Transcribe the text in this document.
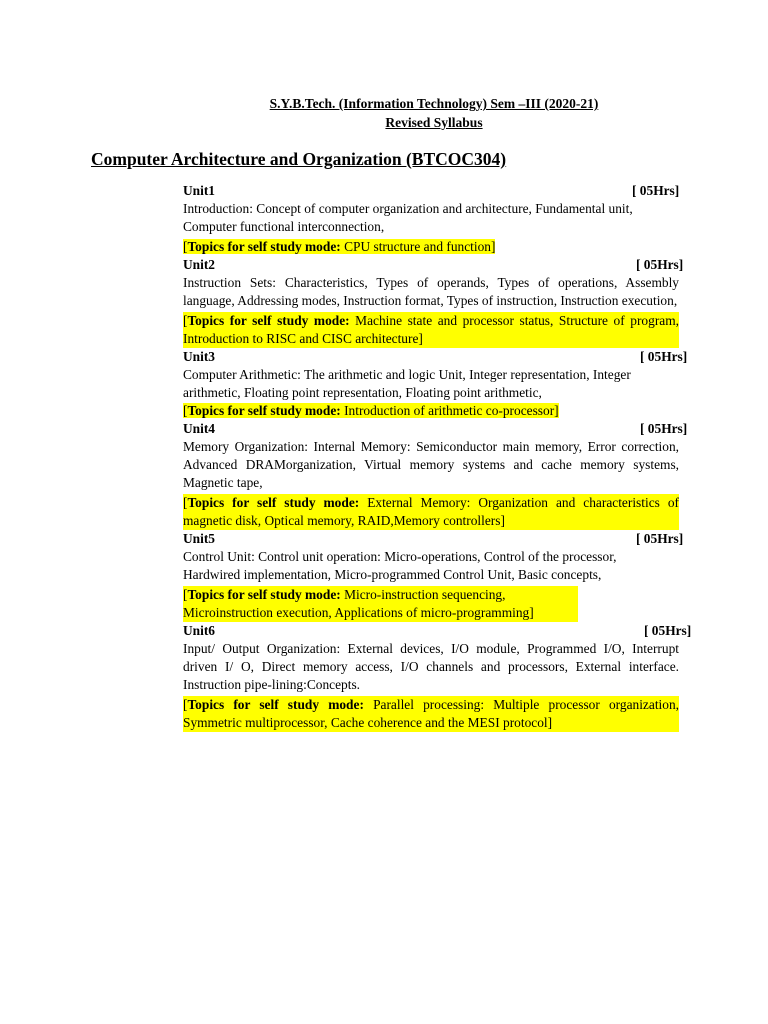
S.Y.B.Tech. (Information Technology) Sem –III (2020-21)
Revised Syllabus
Computer Architecture and Organization (BTCOC304)
Unit1	[ 05Hrs]

Introduction: Concept of computer organization and architecture, Fundamental unit, Computer functional interconnection,

[Topics for self study mode: CPU structure and function]

Unit2	[ 05Hrs]

Instruction Sets: Characteristics, Types of operands, Types of operations, Assembly language, Addressing modes, Instruction format, Types of instruction, Instruction execution,

[Topics for self study mode: Machine state and processor status, Structure of program, Introduction to RISC and CISC architecture]

Unit3	[ 05Hrs]

Computer Arithmetic: The arithmetic and logic Unit, Integer representation, Integer arithmetic, Floating point representation, Floating point arithmetic,

[Topics for self study mode: Introduction of arithmetic co-processor]

Unit4	[ 05Hrs]

Memory Organization: Internal Memory: Semiconductor main memory, Error correction, Advanced DRAMorganization, Virtual memory systems and cache memory systems, Magnetic tape,

[Topics for self study mode: External Memory: Organization and characteristics of magnetic disk, Optical memory, RAID,Memory controllers]

Unit5	[ 05Hrs]

Control Unit: Control unit operation: Micro-operations, Control of the processor, Hardwired implementation, Micro-programmed Control Unit, Basic concepts,

[Topics for self study mode: Micro-instruction sequencing, Microinstruction execution, Applications of micro-programming]

Unit6	[ 05Hrs]

Input/ Output Organization: External devices, I/O module, Programmed I/O, Interrupt driven I/ O, Direct memory access, I/O channels and processors, External interface. Instruction pipe-lining:Concepts.

[Topics for self study mode: Parallel processing: Multiple processor organization, Symmetric multiprocessor, Cache coherence and the MESI protocol]
